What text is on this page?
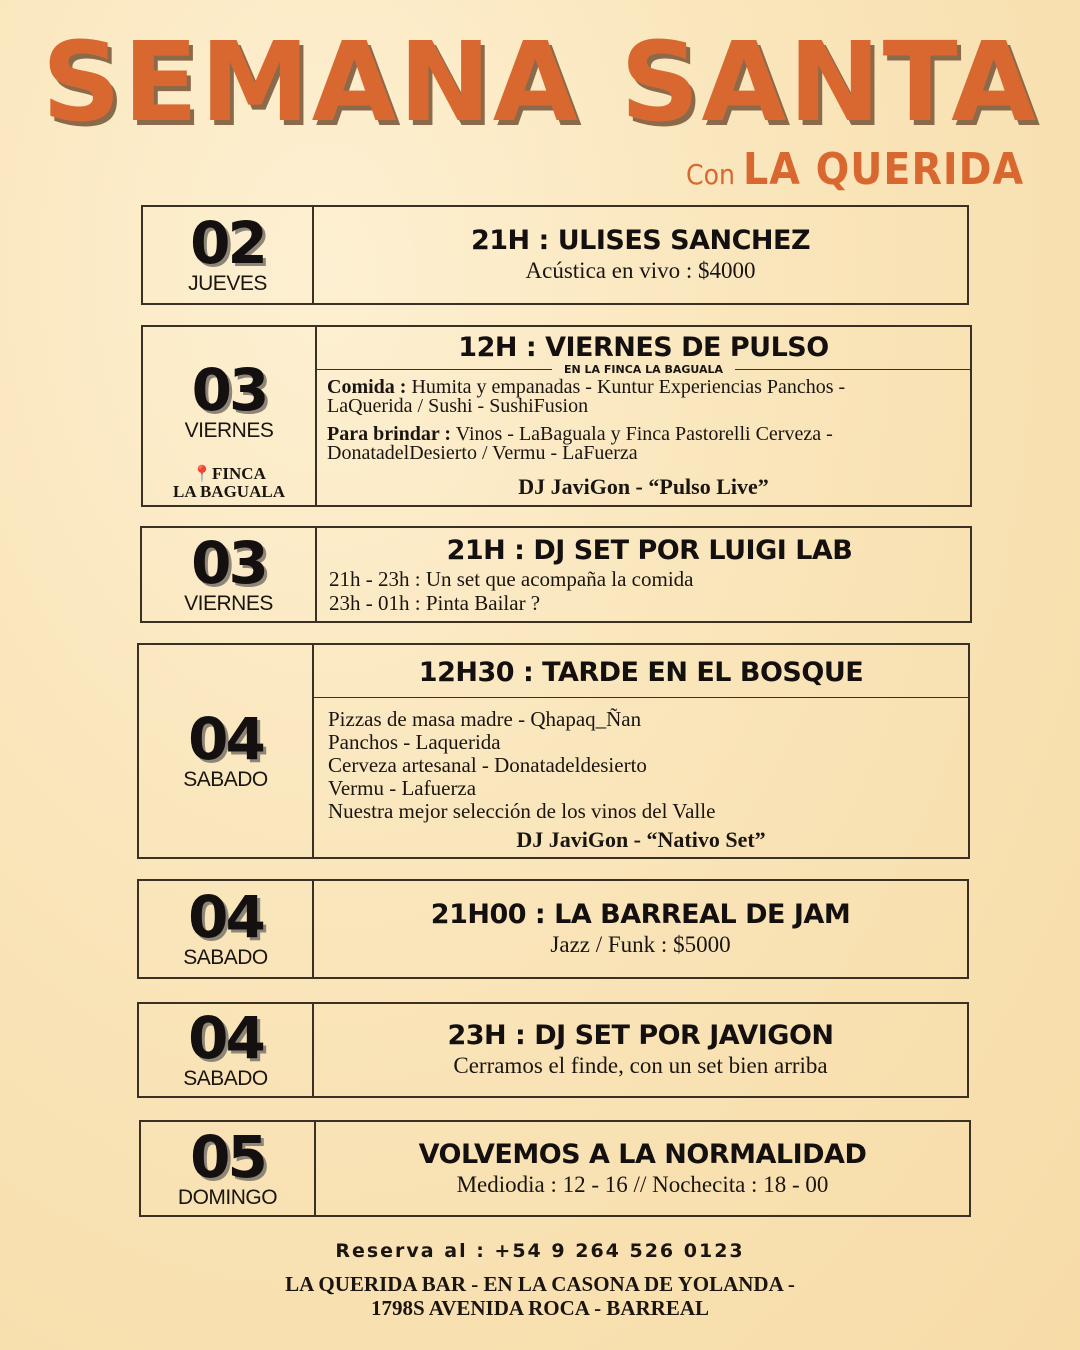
SEMANA SANTA
Con LA QUERIDA
02
JUEVES
21H : ULISES SANCHEZ
Acústica en vivo : $4000
03
VIERNES
📍FINCA
LA BAGUALA
12H : VIERNES DE PULSO
EN LA FINCA LA BAGUALA
Comida : Humita y empanadas - Kuntur Experiencias Panchos - LaQuerida / Sushi - SushiFusion
Para brindar : Vinos - LaBaguala y Finca Pastorelli Cerveza - DonatadelDesierto / Vermu - LaFuerza
DJ JaviGon - “Pulso Live”
03
VIERNES
21H : DJ SET POR LUIGI LAB
21h - 23h : Un set que acompaña la comida
23h - 01h : Pinta Bailar ?
04
SABADO
12H30 : TARDE EN EL BOSQUE
Pizzas de masa madre - Qhapaq_Ñan
Panchos - Laquerida
Cerveza artesanal - Donatadeldesierto
Vermu - Lafuerza
Nuestra mejor selección de los vinos del Valle
DJ JaviGon - “Nativo Set”
04
SABADO
21H00 : LA BARREAL DE JAM
Jazz / Funk : $5000
04
SABADO
23H : DJ SET POR JAVIGON
Cerramos el finde, con un set bien arriba
05
DOMINGO
VOLVEMOS A LA NORMALIDAD
Mediodia : 12 - 16 // Nochecita : 18 - 00
Reserva al : +54 9 264 526 0123
LA QUERIDA BAR - EN LA CASONA DE YOLANDA -
1798S AVENIDA ROCA - BARREAL
